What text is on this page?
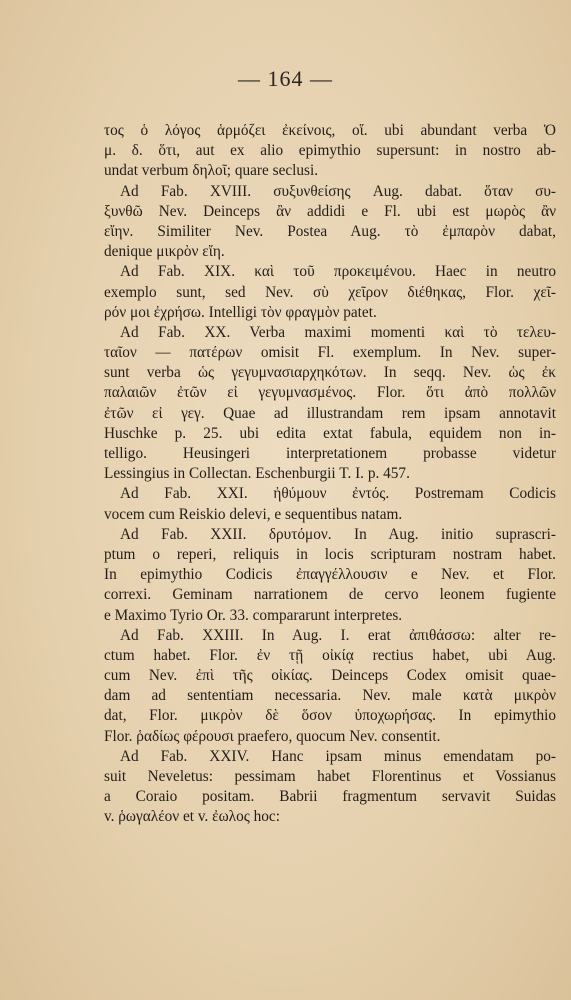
— 164 —
τος ὁ λόγος ἁρμόζει ἐκείνοις, οἵ. ubi abundant verba Ὁ
μ. δ. ὅτι, aut ex alio epimythio supersunt: in nostro ab-
undat verbum δηλοῖ; quare seclusi.
Ad Fab. XVIII. συξυνθείσης Aug. dabat. ὅταν συ-
ξυνθῶ Nev. Deinceps ἂν addidi e Fl. ubi est μωρὸς ἂν
εἴην. Similiter Nev. Postea Aug. τὸ ἐμπαρὸν dabat,
denique μικρὸν εἴη.
Ad Fab. XIX. καὶ τοῦ προκειμένου. Haec in neutro
exemplo sunt, sed Nev. σὺ χεῖρον διέθηκας, Flor. χεῖ-
ρόν μοι ἐχρήσω. Intelligi τὸν φραγμὸν patet.
Ad Fab. XX. Verba maximi momenti καὶ τὸ τελευ-
ταῖον — πατέρων omisit Fl. exemplum. In Nev. super-
sunt verba ὡς γεγυμνασιαρχηκότων. In seqq. Nev. ὡς ἐκ
παλαιῶν ἐτῶν εἰ γεγυμνασμένος. Flor. ὅτι ἀπὸ πολλῶν
ἐτῶν εἰ γεγ. Quae ad illustrandam rem ipsam annotavit
Huschke p. 25. ubi edita extat fabula, equidem non in-
telligo. Heusingeri interpretationem probasse videtur
Lessingius in Collectan. Eschenburgii T. I. p. 457.
Ad Fab. XXI. ἠθύμουν ἐντός. Postremam Codicis
vocem cum Reiskio delevi, e sequentibus natam.
Ad Fab. XXII. δρυτόμον. In Aug. initio suprascri-
ptum o reperi, reliquis in locis scripturam nostram habet.
In epimythio Codicis ἐπαγγέλλουσιν e Nev. et Flor.
correxi. Geminam narrationem de cervo leonem fugiente
e Maximo Tyrio Or. 33. compararunt interpretes.
Ad Fab. XXIII. In Aug. I. erat ἀπιθάσσω: alter re-
ctum habet. Flor. ἐν τῇ οἰκίᾳ rectius habet, ubi Aug.
cum Nev. ἐπὶ τῆς οἰκίας. Deinceps Codex omisit quae-
dam ad sententiam necessaria. Nev. male κατὰ μικρὸν
dat, Flor. μικρὸν δὲ ὅσον ὑποχωρήσας. In epimythio
Flor. ῥαδίως φέρουσι praefero, quocum Nev. consentit.
Ad Fab. XXIV. Hanc ipsam minus emendatam po-
suit Neveletus: pessimam habet Florentinus et Vossianus
a Coraio positam. Babrii fragmentum servavit Suidas
v. ῥωγαλέον et v. ἐωλος hoc:
